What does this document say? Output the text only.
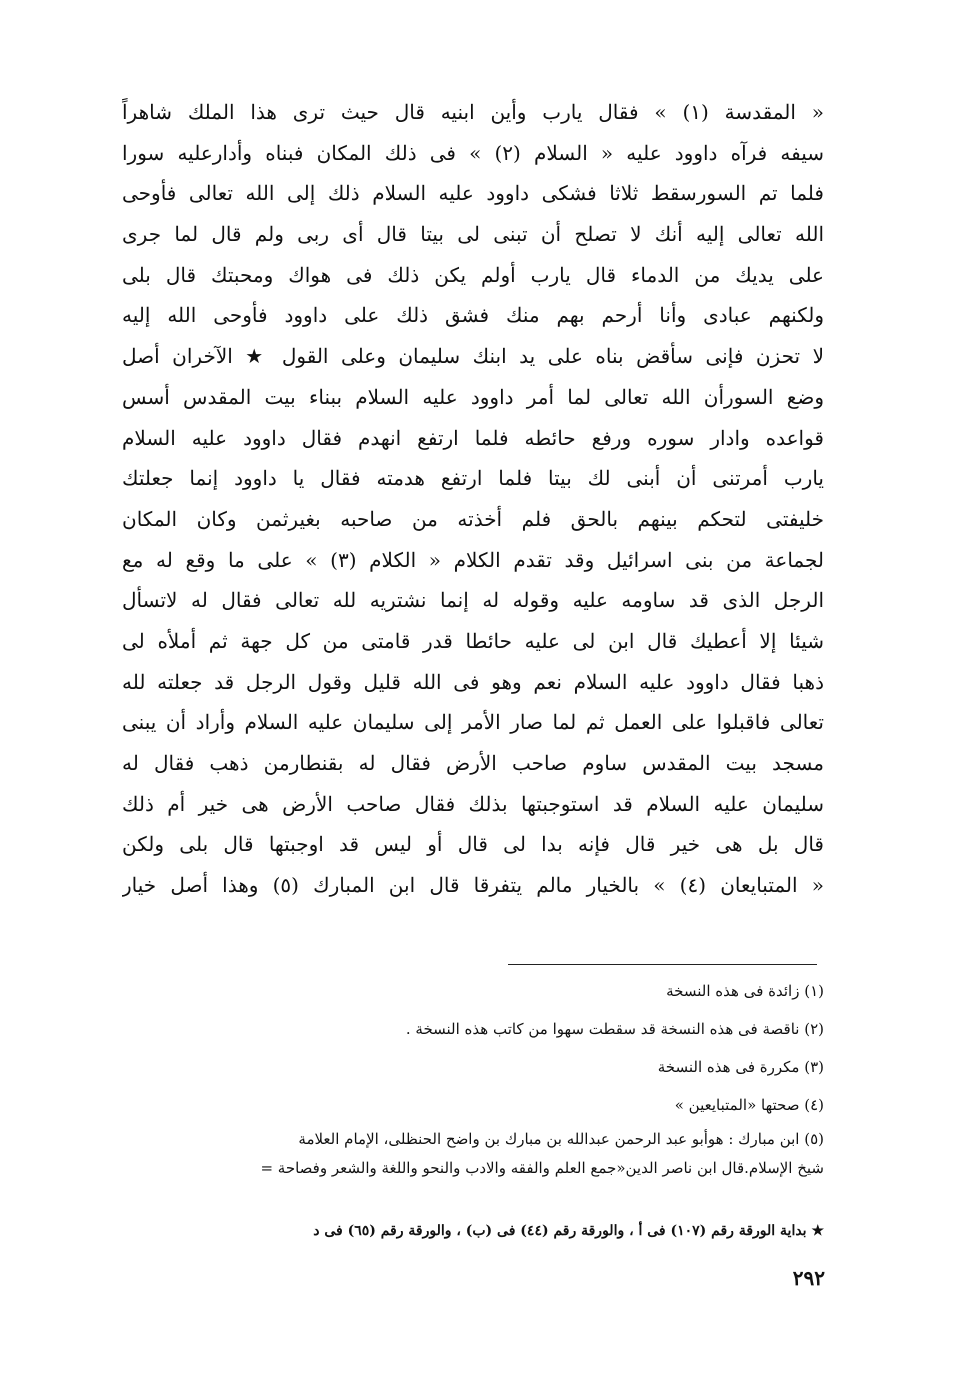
« المقدسة (١) » فقال يارب وأين ابنيه قال حيث ترى هذا الملك شاهراً
سيفه فرآه داوود عليه « السلام (٢) » فى ذلك المكان فبناه وأدارعليه سورا
فلما تم السورسقط ثلاثا فشكى داوود عليه السلام ذلك إلى الله تعالى فأوحى
الله تعالى إليه أنك لا تصلح أن تبنى لى بيتا قال أى ربى ولم قال لما جرى
على يديك من الدماء قال يارب أولم يكن ذلك فى هواك ومحبتك قال بلى
ولكنهم عبادى وأنا أرحم بهم منك فشق ذلك على داوود فأوحى الله إليه
لا تحزن فإنى سأقض بناه على يد ابنك سليمان وعلى القول ★ الآخران أصل
وضع السورأن الله تعالى لما أمر داوود عليه السلام ببناء بيت المقدس أسس
قواعده وادار سوره ورفع حائطه فلما ارتفع انهدم فقال داوود عليه السلام
يارب أمرتنى أن أبنى لك بيتا فلما ارتفع هدمته فقال يا داوود إنما جعلتك
خليفتى لتحكم بينهم بالحق فلم أخذته من صاحبه بغيرثمن وكان المكان
لجماعة من بنى اسرائيل وقد تقدم الكلام « الكلام (٣) » على ما وقع له مع
الرجل الذى قد ساومه عليه وقوله له إنما نشتريه لله تعالى فقال له لاتسأل
شيئا إلا أعطيك قال ابن لى عليه حائطا قدر قامتى من كل جهة ثم أملأه لى
ذهبا فقال داوود عليه السلام نعم وهو فى الله قليل وقول الرجل قد جعلته لله
تعالى فاقبلوا على العمل ثم لما صار الأمر إلى سليمان عليه السلام وأراد أن يبنى
مسجد بيت المقدس ساوم صاحب الأرض فقال له بقنطارمن ذهب فقال له
سليمان عليه السلام قد استوجبتها بذلك فقال صاحب الأرض هى خير أم ذلك
قال بل هى خير قال فإنه بدا لى قال أو ليس قد اوجبتها قال بلى ولكن
« المتبايعان (٤) » بالخيار مالم يتفرقا قال ابن المبارك (٥) وهذا أصل خيار
(١) زائدة فى هذه النسخة
(٢) ناقصة فى هذه النسخة قد سقطت سهوا من كاتب هذه النسخة .
(٣) مكررة فى هذه النسخة
(٤) صحتها «المتبايعين »
(٥) ابن مبارك : هوأبو عبد الرحمن عبدالله بن مبارك بن واضح الحنظلى، الإمام العلامة
شيخ الإسلام.قال ابن ناصر الدين«جمع العلم والفقه والادب والنحو واللغة والشعر وفصاحة =
★ بداية الورقة رقم (١٠٧) فى أ ، والورقة رقم (٤٤) فى (ب) ، والورقة رقم (٦٥) فى د
٢٩٢
